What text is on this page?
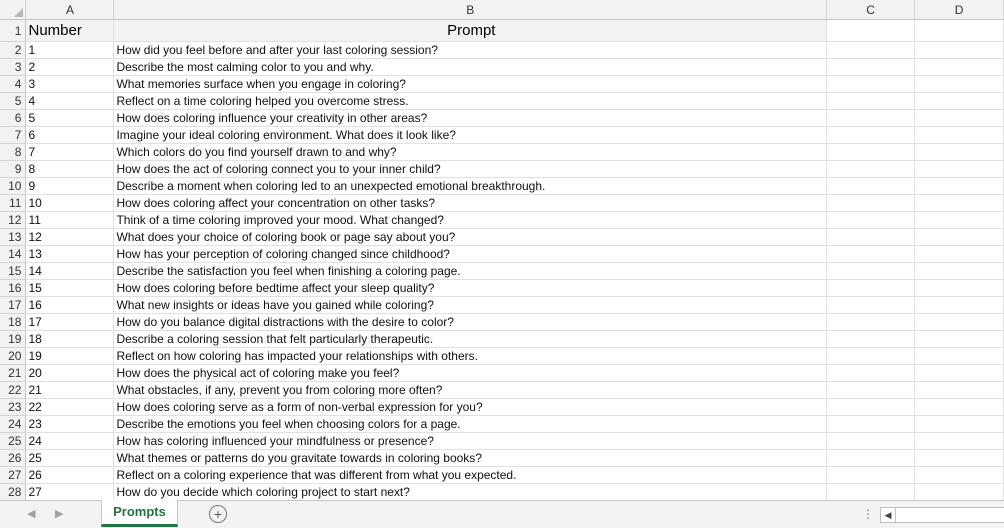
	A	B	C	D
1	Number	Prompt		
2	1	How did you feel before and after your last coloring session?		
3	2	Describe the most calming color to you and why.		
4	3	What memories surface when you engage in coloring?		
5	4	Reflect on a time coloring helped you overcome stress.		
6	5	How does coloring influence your creativity in other areas?		
7	6	Imagine your ideal coloring environment. What does it look like?		
8	7	Which colors do you find yourself drawn to and why?		
9	8	How does the act of coloring connect you to your inner child?		
10	9	Describe a moment when coloring led to an unexpected emotional breakthrough.		
11	10	How does coloring affect your concentration on other tasks?		
12	11	Think of a time coloring improved your mood. What changed?		
13	12	What does your choice of coloring book or page say about you?		
14	13	How has your perception of coloring changed since childhood?		
15	14	Describe the satisfaction you feel when finishing a coloring page.		
16	15	How does coloring before bedtime affect your sleep quality?		
17	16	What new insights or ideas have you gained while coloring?		
18	17	How do you balance digital distractions with the desire to color?		
19	18	Describe a coloring session that felt particularly therapeutic.		
20	19	Reflect on how coloring has impacted your relationships with others.		
21	20	How does the physical act of coloring make you feel?		
22	21	What obstacles, if any, prevent you from coloring more often?		
23	22	How does coloring serve as a form of non-verbal expression for you?		
24	23	Describe the emotions you feel when choosing colors for a page.		
25	24	How has coloring influenced your mindfulness or presence?		
26	25	What themes or patterns do you gravitate towards in coloring books?		
27	26	Reflect on a coloring experience that was different from what you expected.		
28	27	How do you decide which coloring project to start next?		
◀ ▶	Prompts	+	⋮	◀
